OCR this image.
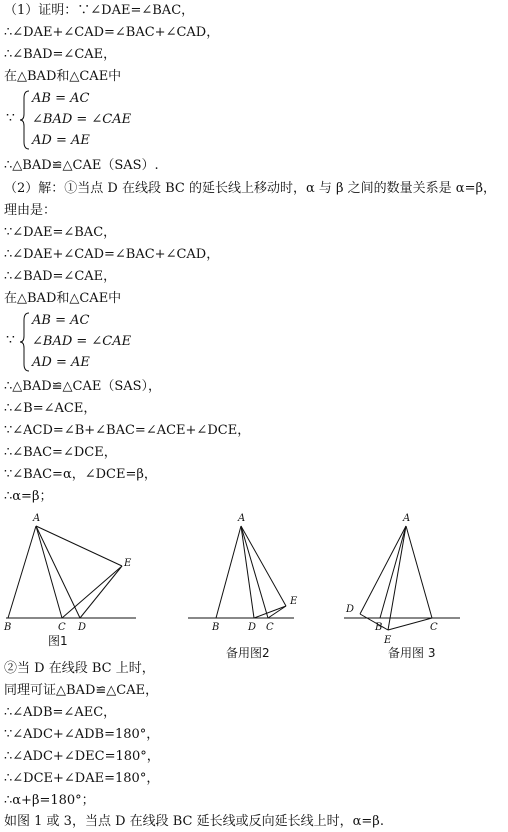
（1）证明：∵∠DAE=∠BAC，
∴∠DAE+∠CAD=∠BAC+∠CAD，
∴∠BAD=∠CAE，
在△BAD和△CAE中
∵
AB = AC
∠BAD = ∠CAE
AD = AE
∴△BAD≌△CAE（SAS）.
（2）解：①当点 D 在线段 BC 的延长线上移动时，α 与 β 之间的数量关系是 α=β，
理由是：
∵∠DAE=∠BAC，
∴∠DAE+∠CAD=∠BAC+∠CAD，
∴∠BAD=∠CAE，
在△BAD和△CAE中
∵
AB = AC
∠BAD = ∠CAE
AD = AE
∴△BAD≌△CAE（SAS），
∴∠B=∠ACE，
∵∠ACD=∠B+∠BAC=∠ACE+∠DCE，
∴∠BAC=∠DCE，
∵∠BAC=α，∠DCE=β，
∴α=β；
A
B	C D
E
图1
A
B	C
D
E
备用图2
A
B	C
D
E
备用图 3
②当 D 在线段 BC 上时，
同理可证△BAD≌△CAE，
∴∠ADB=∠AEC，
∵∠ADC+∠ADB=180°，
∴∠ADC+∠DEC=180°，
∴∠DCE+∠DAE=180°，
∴α+β=180°；
如图 1 或 3，当点 D 在线段 BC 延长线或反向延长线上时，α=β.
